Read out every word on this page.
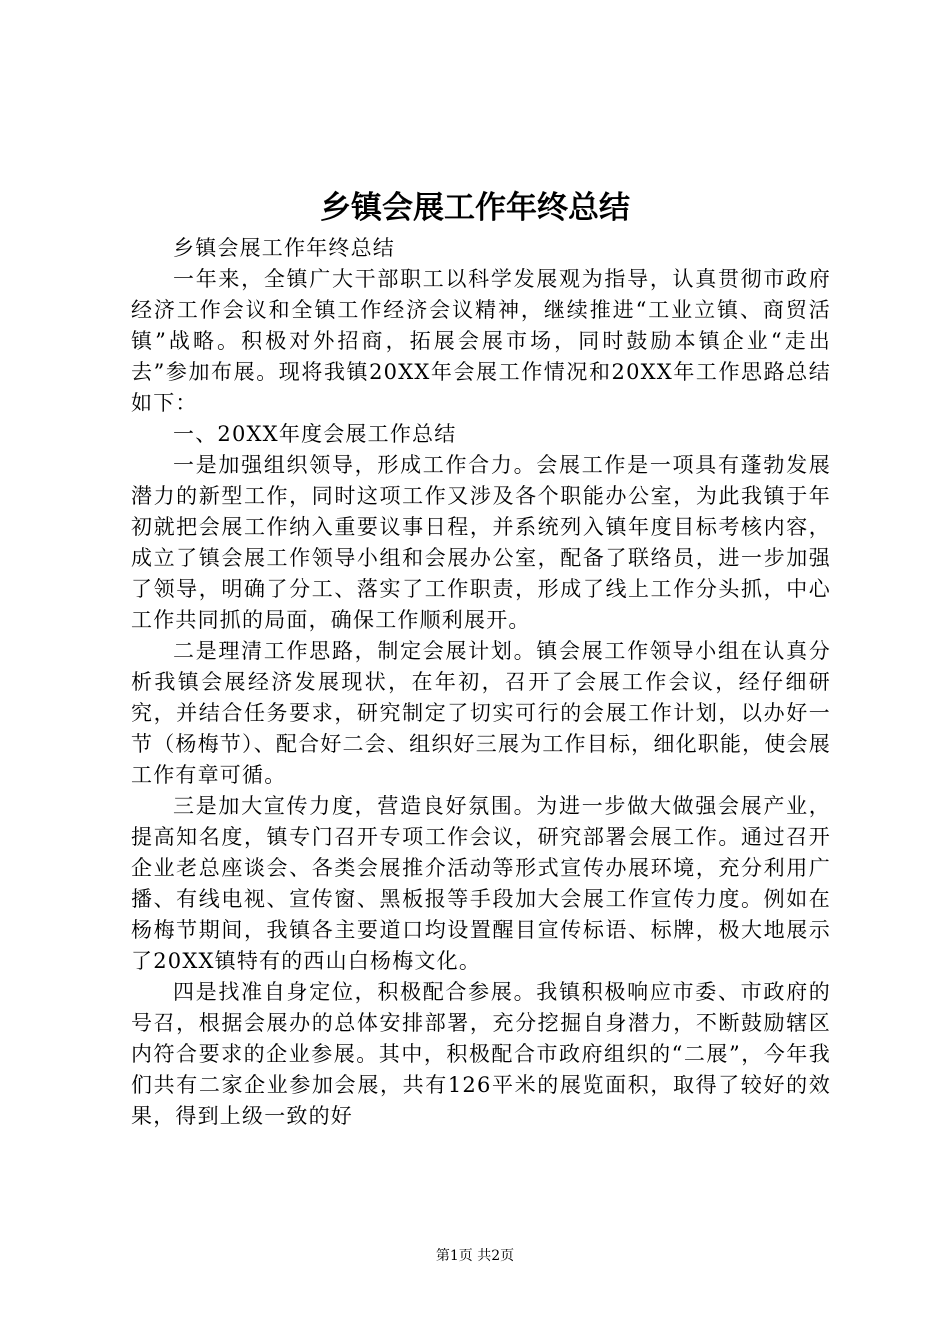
乡镇会展工作年终总结

乡镇会展工作年终总结

一年来，全镇广大干部职工以科学发展观为指导，认真贯彻市政府经济工作会议和全镇工作经济会议精神，继续推进“工业立镇、商贸活镇”战略。积极对外招商，拓展会展市场，同时鼓励本镇企业“走出去”参加布展。现将我镇20XX年会展工作情况和20XX年工作思路总结如下：

一、20XX年度会展工作总结

一是加强组织领导，形成工作合力。会展工作是一项具有蓬勃发展潜力的新型工作，同时这项工作又涉及各个职能办公室，为此我镇于年初就把会展工作纳入重要议事日程，并系统列入镇年度目标考核内容，成立了镇会展工作领导小组和会展办公室，配备了联络员，进一步加强了领导，明确了分工、落实了工作职责，形成了线上工作分头抓，中心工作共同抓的局面，确保工作顺利展开。

二是理清工作思路，制定会展计划。镇会展工作领导小组在认真分析我镇会展经济发展现状，在年初，召开了会展工作会议，经仔细研究，并结合任务要求，研究制定了切实可行的会展工作计划，以办好一节（杨梅节）、配合好二会、组织好三展为工作目标，细化职能，使会展工作有章可循。

三是加大宣传力度，营造良好氛围。为进一步做大做强会展产业，提高知名度，镇专门召开专项工作会议，研究部署会展工作。通过召开企业老总座谈会、各类会展推介活动等形式宣传办展环境，充分利用广播、有线电视、宣传窗、黑板报等手段加大会展工作宣传力度。例如在杨梅节期间，我镇各主要道口均设置醒目宣传标语、标牌，极大地展示了20XX镇特有的西山白杨梅文化。

四是找准自身定位，积极配合参展。我镇积极响应市委、市政府的号召，根据会展办的总体安排部署，充分挖掘自身潜力，不断鼓励辖区内符合要求的企业参展。其中，积极配合市政府组织的“二展”，今年我们共有二家企业参加会展，共有126平米的展览面积，取得了较好的效果，得到上级一致的好

第1页 共2页
